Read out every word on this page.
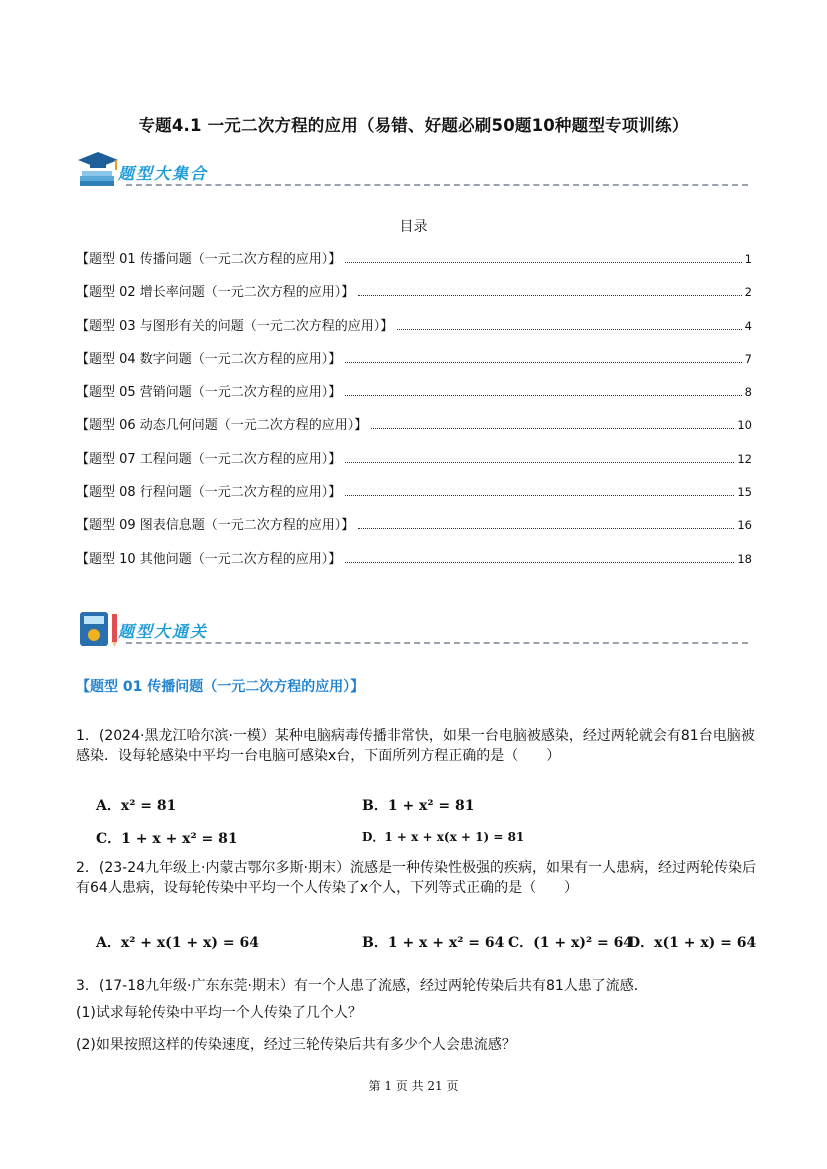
专题4.1 一元二次方程的应用（易错、好题必刷50题10种题型专项训练）
题型大集合
目录
【题型 01 传播问题（一元二次方程的应用）】	1
【题型 02 增长率问题（一元二次方程的应用）】	2
【题型 03 与图形有关的问题（一元二次方程的应用）】	4
【题型 04 数字问题（一元二次方程的应用）】	7
【题型 05 营销问题（一元二次方程的应用）】	8
【题型 06 动态几何问题（一元二次方程的应用）】	10
【题型 07 工程问题（一元二次方程的应用）】	12
【题型 08 行程问题（一元二次方程的应用）】	15
【题型 09 图表信息题（一元二次方程的应用）】	16
【题型 10 其他问题（一元二次方程的应用）】	18
题型大通关
【题型 01 传播问题（一元二次方程的应用）】
1．(2024·黑龙江哈尔滨·一模）某种电脑病毒传播非常快，如果一台电脑被感染，经过两轮就会有81台电脑被感染．设每轮感染中平均一台电脑可感染x台，下面所列方程正确的是（　　）
A．x² = 81	B．1 + x² = 81
C．1 + x + x² = 81	D．1 + x + x(x + 1) = 81
2．(23-24九年级上·内蒙古鄂尔多斯·期末）流感是一种传染性极强的疾病，如果有一人患病，经过两轮传染后有64人患病，设每轮传染中平均一个人传染了x个人，下列等式正确的是（　　）
A．x² + x(1 + x) = 64	B．1 + x + x² = 64 C．(1 + x)² = 64
D．x(1 + x) = 64
3．(17-18九年级·广东东莞·期末）有一个人患了流感，经过两轮传染后共有81人患了流感．
(1)试求每轮传染中平均一个人传染了几个人？
(2)如果按照这样的传染速度，经过三轮传染后共有多少个人会患流感？
第 1 页 共 21 页
